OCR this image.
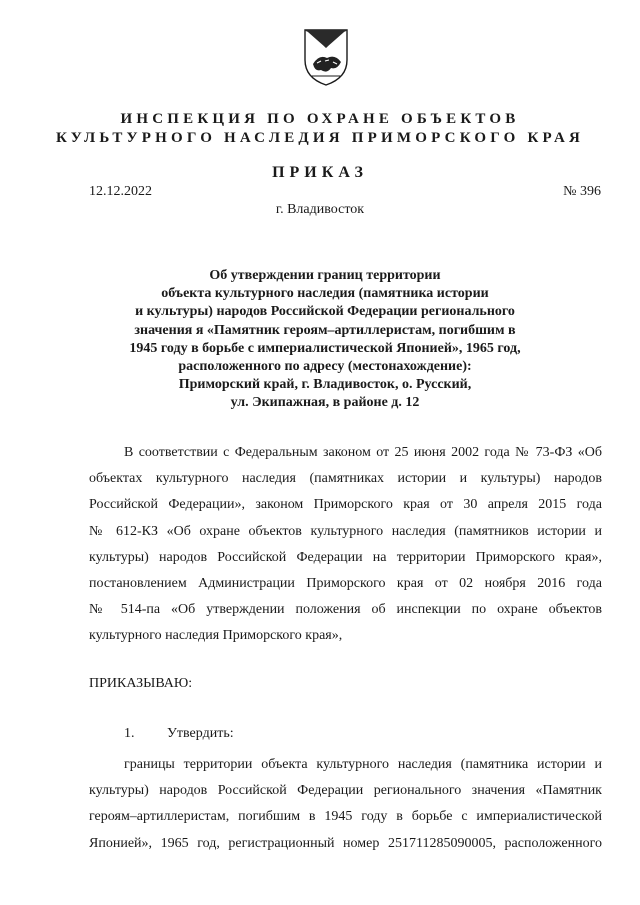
ИНСПЕКЦИЯ ПО ОХРАНЕ ОБЪЕКТОВ
КУЛЬТУРНОГО НАСЛЕДИЯ ПРИМОРСКОГО КРАЯ
ПРИКАЗ
12.12.2022	№ 396
г. Владивосток

Об утверждении границ территории
объекта культурного наследия (памятника истории
и культуры) народов Российской Федерации регионального
значения я «Памятник героям–артиллеристам, погибшим в
1945 году в борьбе с империалистической Японией», 1965 год,
расположенного по адресу (местонахождение):
Приморский край, г. Владивосток, о. Русский,
ул. Экипажная, в районе д. 12

В соответствии с Федеральным законом от 25 июня 2002 года № 73-ФЗ «Об
объектах культурного наследия (памятниках истории и культуры) народов
Российской Федерации», законом Приморского края от 30 апреля 2015 года
№ 612-КЗ «Об охране объектов культурного наследия (памятников истории и
культуры) народов Российской Федерации на территории Приморского края»,
постановлением Администрации Приморского края от 02 ноября 2016 года
№ 514-па «Об утверждении положения об инспекции по охране объектов
культурного наследия Приморского края»,

ПРИКАЗЫВАЮ:
1. Утвердить:

границы территории объекта культурного наследия (памятника истории и
культуры) народов Российской Федерации регионального значения «Памятник
героям–артиллеристам, погибшим в 1945 году в борьбе с империалистической
Японией», 1965 год, регистрационный номер 251711285090005, расположенного
